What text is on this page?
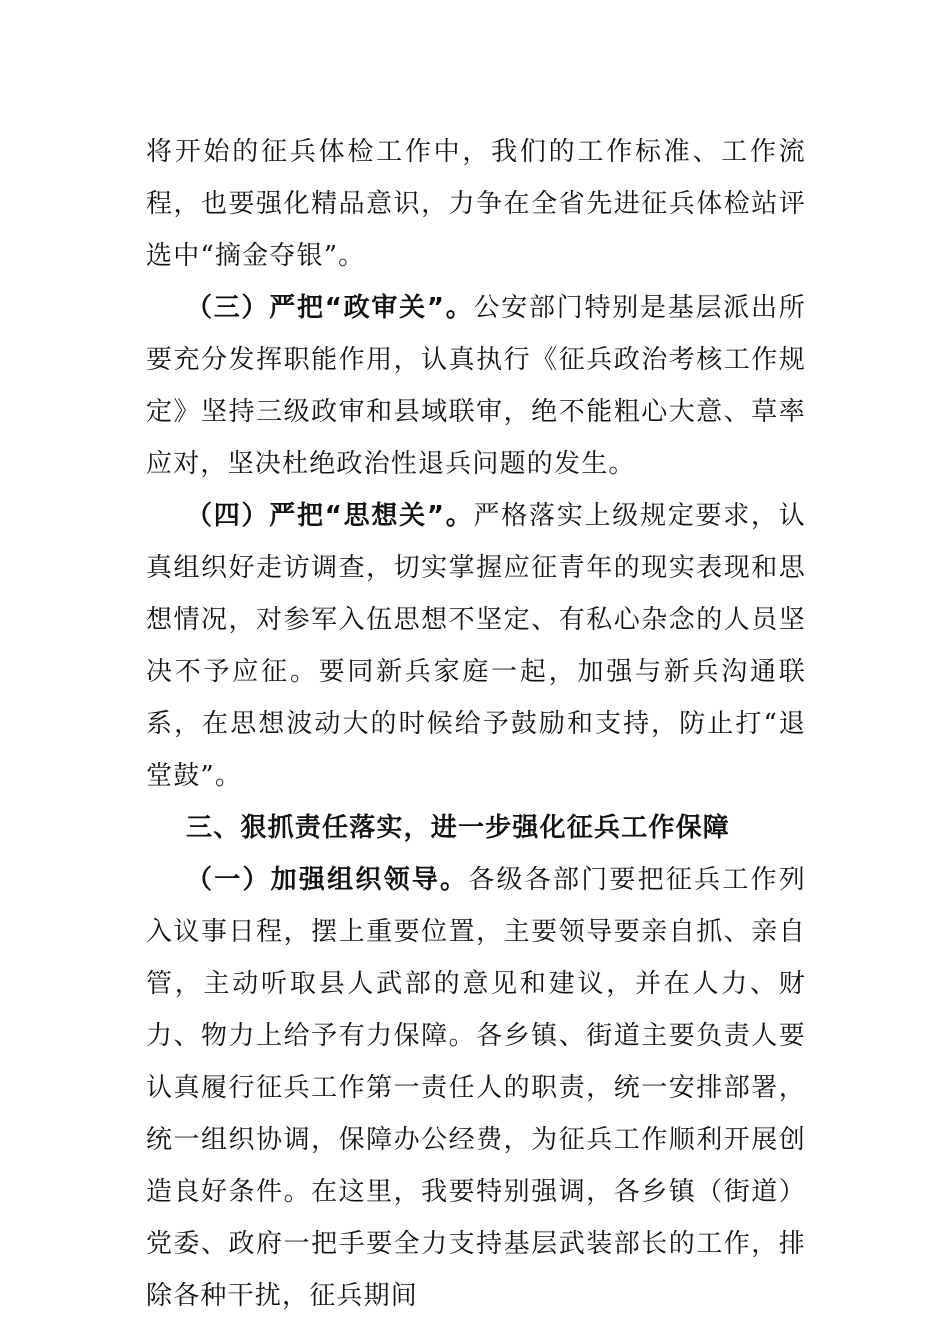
将开始的征兵体检工作中，我们的工作标准、工作流程，也要强化精品意识，力争在全省先进征兵体检站评选中“摘金夺银”。

（三）严把“政审关”。公安部门特别是基层派出所要充分发挥职能作用，认真执行《征兵政治考核工作规定》坚持三级政审和县域联审，绝不能粗心大意、草率应对，坚决杜绝政治性退兵问题的发生。

（四）严把“思想关”。严格落实上级规定要求，认真组织好走访调查，切实掌握应征青年的现实表现和思想情况，对参军入伍思想不坚定、有私心杂念的人员坚决不予应征。要同新兵家庭一起，加强与新兵沟通联系，在思想波动大的时候给予鼓励和支持，防止打“退堂鼓”。

三、狠抓责任落实，进一步强化征兵工作保障

（一）加强组织领导。各级各部门要把征兵工作列入议事日程，摆上重要位置，主要领导要亲自抓、亲自管，主动听取县人武部的意见和建议，并在人力、财力、物力上给予有力保障。各乡镇、街道主要负责人要认真履行征兵工作第一责任人的职责，统一安排部署，统一组织协调，保障办公经费，为征兵工作顺利开展创造良好条件。在这里，我要特别强调，各乡镇（街道）党委、政府一把手要全力支持基层武装部长的工作，排除各种干扰，征兵期间
